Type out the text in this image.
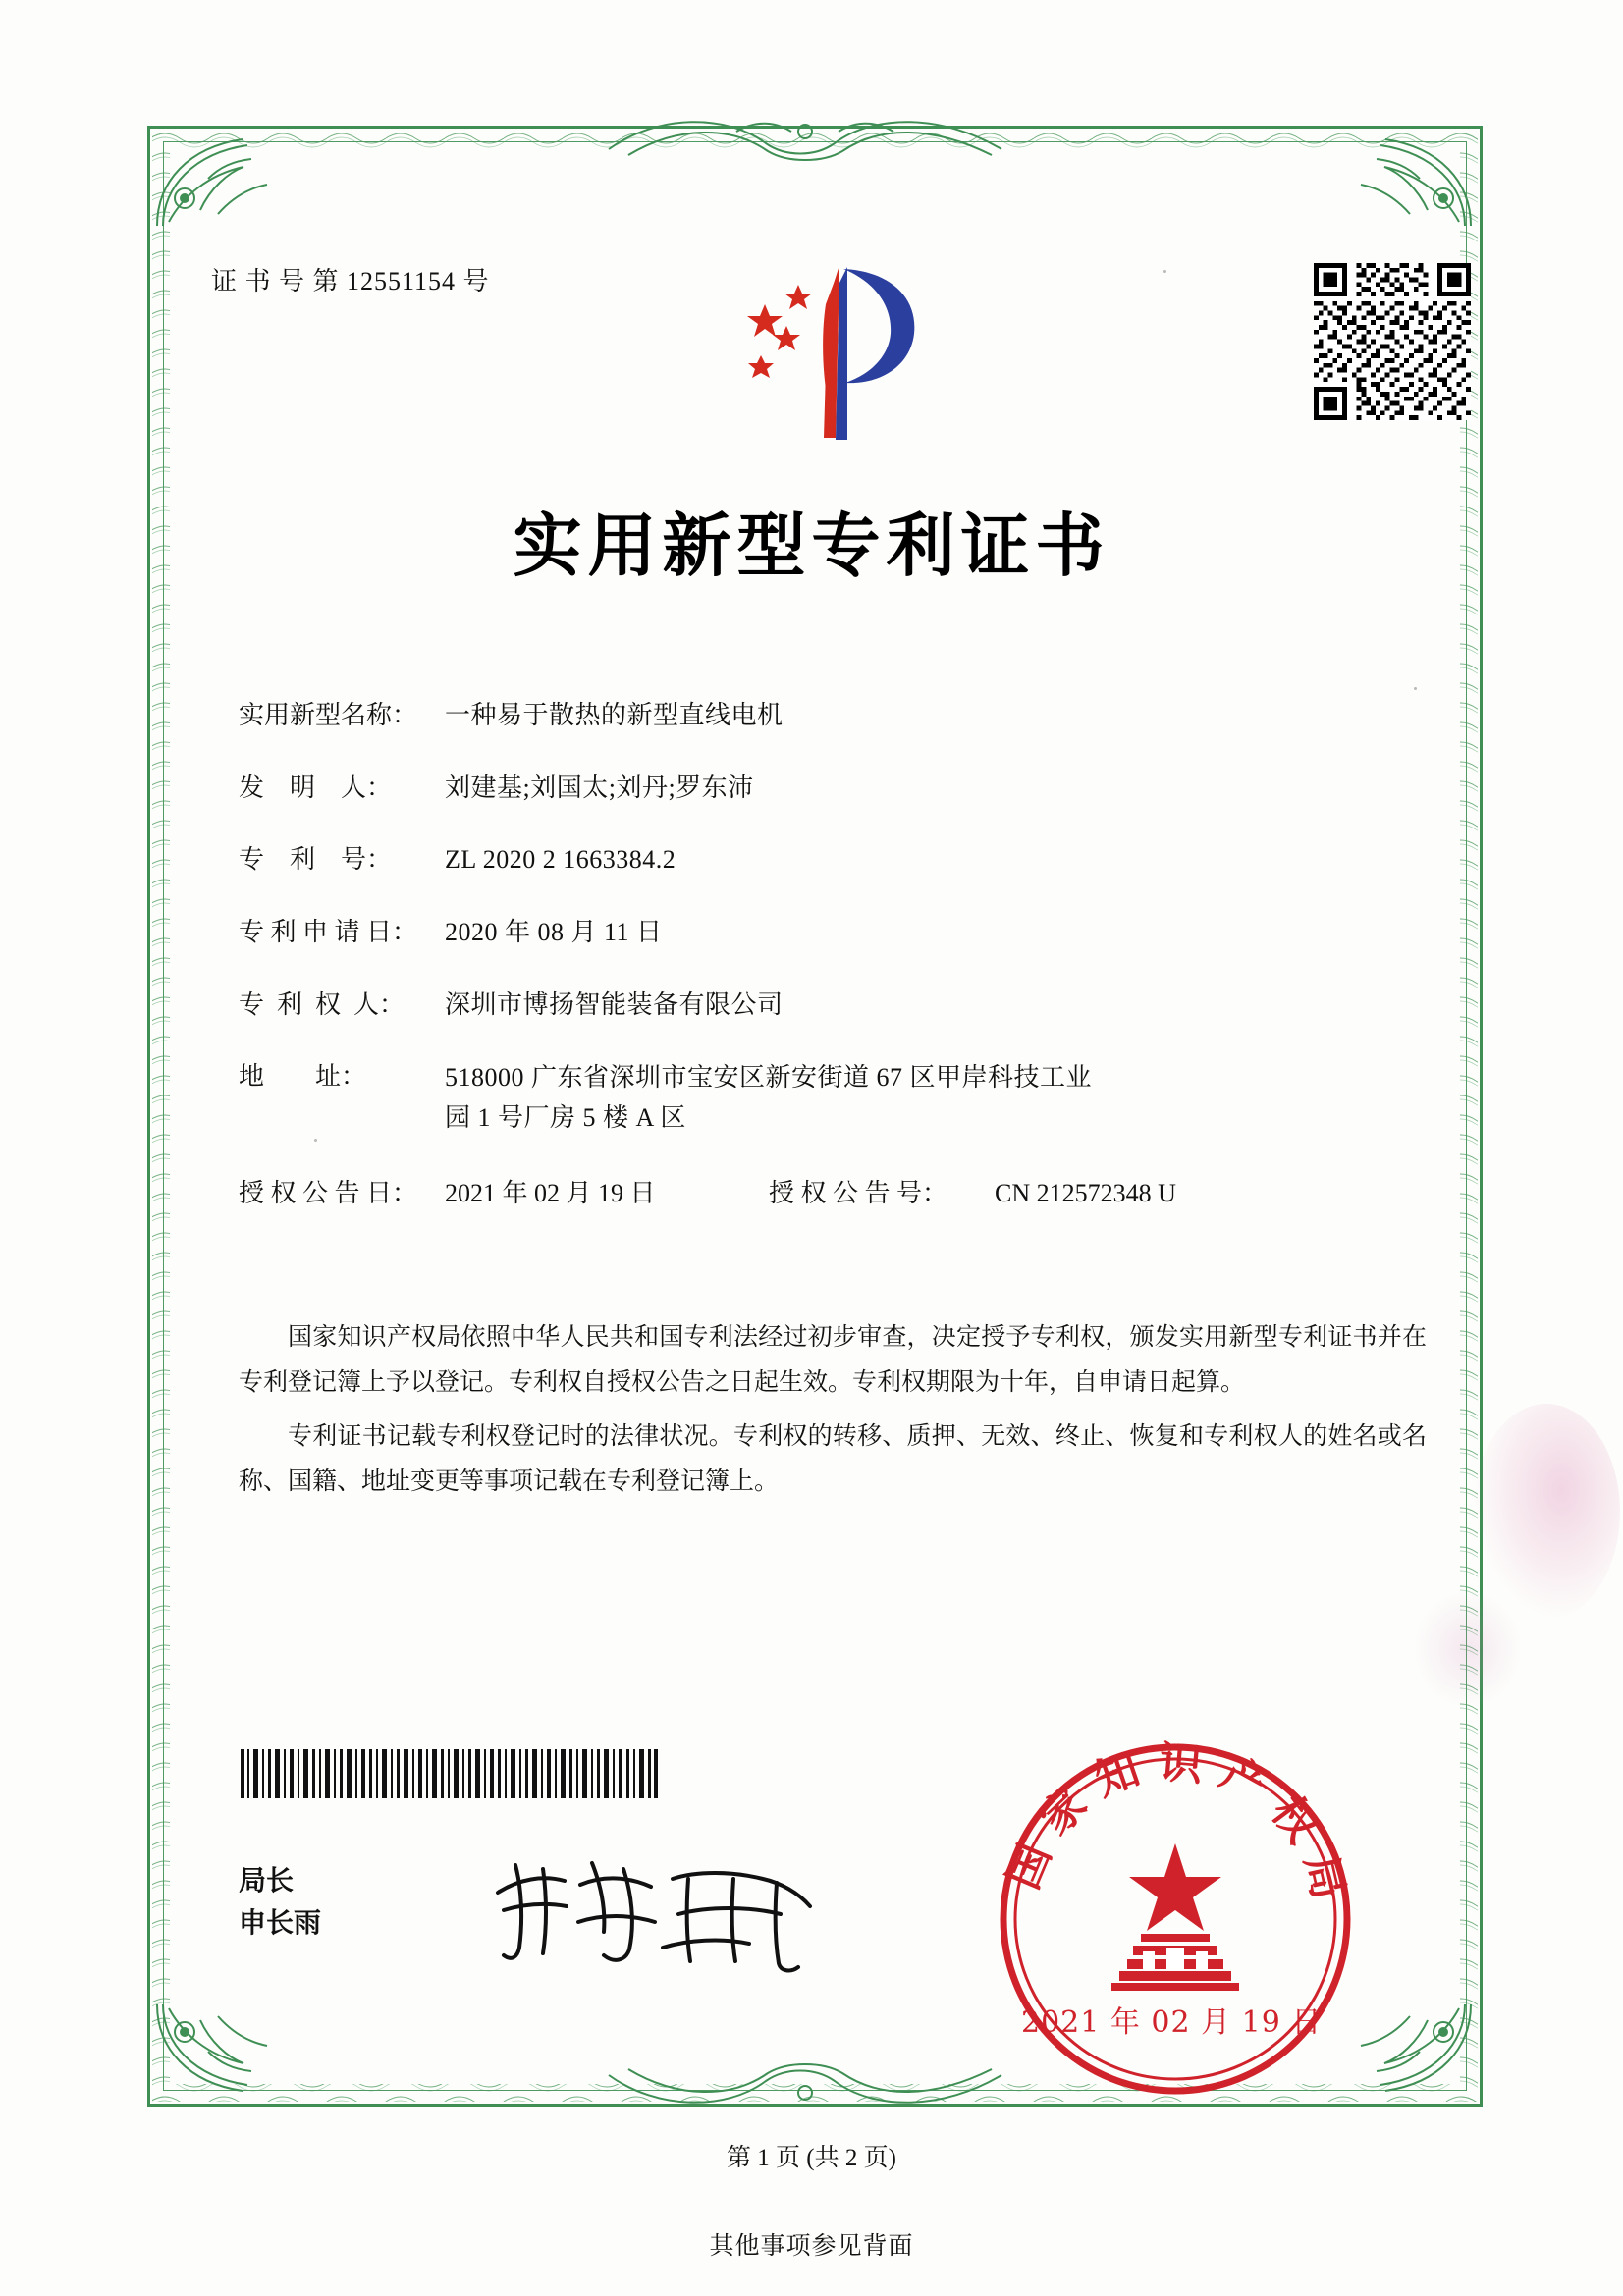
证 书 号 第 12551154 号
实用新型专利证书
实用新型名称：	一种易于散热的新型直线电机
发    明    人：	刘建基;刘国太;刘丹;罗东沛
专    利    号：	ZL 2020 2 1663384.2
专 利 申 请 日：	2020 年 08 月 11 日
专  利  权  人：	深圳市博扬智能装备有限公司
地        址：	518000 广东省深圳市宝安区新安街道 67 区甲岸科技工业
园 1 号厂房 5 楼 A 区
授 权 公 告 日：	2021 年 02 月 19 日	授 权 公 告 号：	CN 212572348 U

国家知识产权局依照中华人民共和国专利法经过初步审查，决定授予专利权，颁发实用新型专利证书并在专利登记簿上予以登记。专利权自授权公告之日起生效。专利权期限为十年，自申请日起算。

专利证书记载专利权登记时的法律状况。专利权的转移、质押、无效、终止、恢复和专利权人的姓名或名称、国籍、地址变更等事项记载在专利登记簿上。

局长
申长雨
国家知识产权局
2021 年 02 月 19 日
第 1 页 (共 2 页)
其他事项参见背面
